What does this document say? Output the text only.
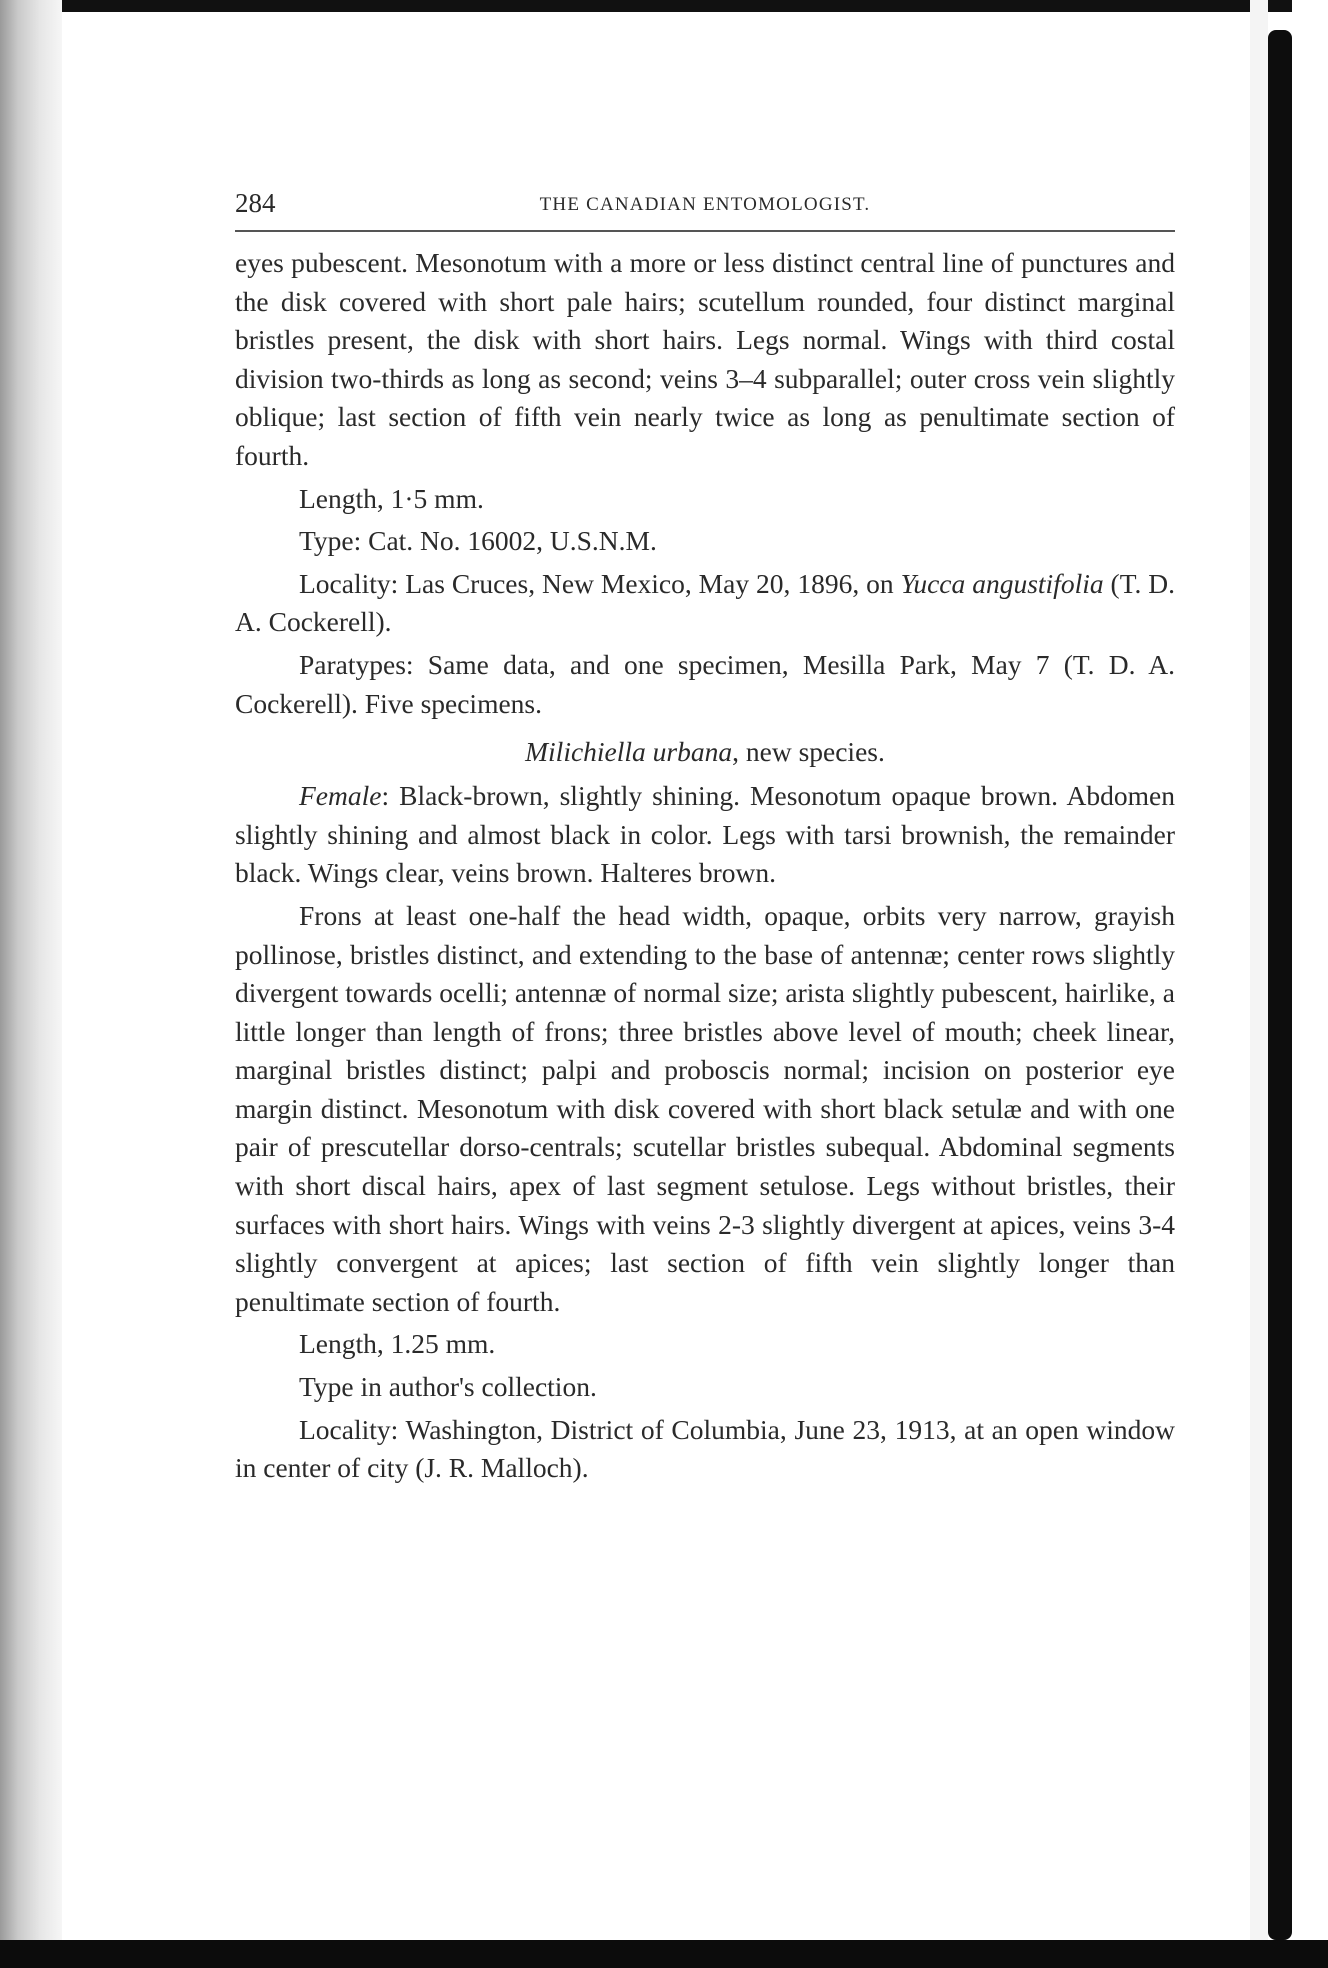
284	THE CANADIAN ENTOMOLOGIST.

eyes pubescent. Mesonotum with a more or less distinct central line of punctures and the disk covered with short pale hairs; scutellum rounded, four distinct marginal bristles present, the disk with short hairs. Legs normal. Wings with third costal division two-thirds as long as second; veins 3–4 subparallel; outer cross vein slightly oblique; last section of fifth vein nearly twice as long as penultimate section of fourth.

Length, 1·5 mm.

Type: Cat. No. 16002, U.S.N.M.

Locality: Las Cruces, New Mexico, May 20, 1896, on Yucca angustifolia (T. D. A. Cockerell).

Paratypes: Same data, and one specimen, Mesilla Park, May 7 (T. D. A. Cockerell). Five specimens.

Milichiella urbana, new species.

Female: Black-brown, slightly shining. Mesonotum opaque brown. Abdomen slightly shining and almost black in color. Legs with tarsi brownish, the remainder black. Wings clear, veins brown. Halteres brown.

Frons at least one-half the head width, opaque, orbits very narrow, grayish pollinose, bristles distinct, and extending to the base of antennæ; center rows slightly divergent towards ocelli; antennæ of normal size; arista slightly pubescent, hairlike, a little longer than length of frons; three bristles above level of mouth; cheek linear, marginal bristles distinct; palpi and proboscis normal; incision on posterior eye margin distinct. Mesonotum with disk covered with short black setulæ and with one pair of prescutellar dorso-centrals; scutellar bristles subequal. Abdominal segments with short discal hairs, apex of last segment setulose. Legs without bristles, their surfaces with short hairs. Wings with veins 2-3 slightly divergent at apices, veins 3-4 slightly convergent at apices; last section of fifth vein slightly longer than penultimate section of fourth.

Length, 1.25 mm.

Type in author's collection.

Locality: Washington, District of Columbia, June 23, 1913, at an open window in center of city (J. R. Malloch).
